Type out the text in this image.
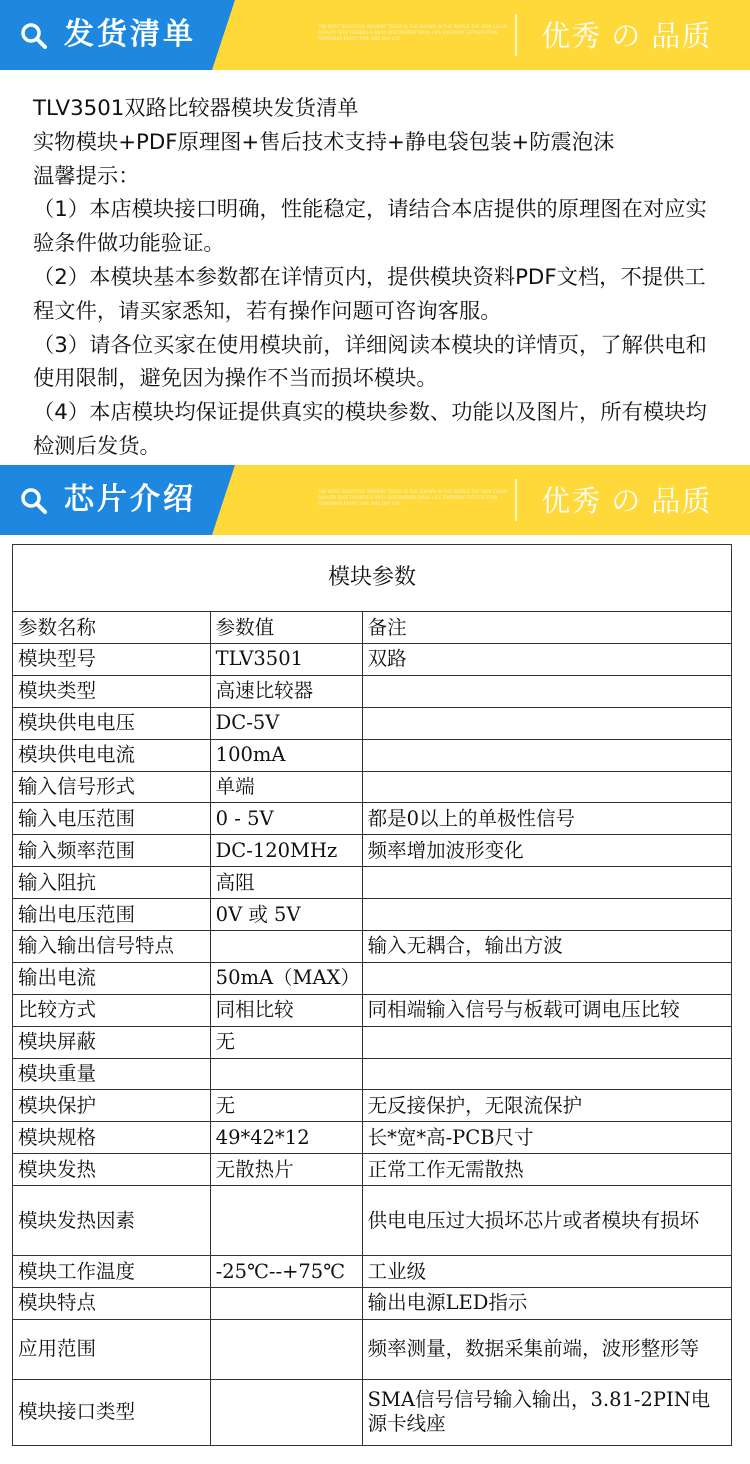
发货清单	THE MOST BEAUTIFUL MOMENT TODAY IS THE SHOWN IN THE WORLD THE SKIN CLEAN QUALITY GIVE FRIENDS A DAILY DISCOVERED SMILE LIFE EVERYDAY SATISFACTION REMEMBER EVERY TIME AND DAY LIFE	优秀 の 品质

TLV3501双路比较器模块发货清单

实物模块+PDF原理图+售后技术支持+静电袋包装+防震泡沫

温馨提示：

（1）本店模块接口明确，性能稳定，请结合本店提供的原理图在对应实验条件做功能验证。

（2）本模块基本参数都在详情页内，提供模块资料PDF文档，不提供工程文件，请买家悉知，若有操作问题可咨询客服。

（3）请各位买家在使用模块前，详细阅读本模块的详情页，了解供电和使用限制，避免因为操作不当而损坏模块。

（4）本店模块均保证提供真实的模块参数、功能以及图片，所有模块均检测后发货。

芯片介绍	THE MOST BEAUTIFUL MOMENT TODAY IS THE SHOWN IN THE WORLD THE SKIN CLEAN QUALITY GIVE FRIENDS A DAILY DISCOVERED SMILE LIFE EVERYDAY SATISFACTION REMEMBER EVERY TIME AND DAY LIFE	优秀 の 品质
模块参数		
参数名称	参数值	备注
模块型号	TLV3501	双路
模块类型	高速比较器	
模块供电电压	DC-5V	
模块供电电流	100mA	
输入信号形式	单端	
输入电压范围	0 - 5V	都是0以上的单极性信号
输入频率范围	DC-120MHz	频率增加波形变化
输入阻抗	高阻	
输出电压范围	0V 或 5V	
输入输出信号特点		输入无耦合，输出方波
输出电流	50mA（MAX）	
比较方式	同相比较	同相端输入信号与板载可调电压比较
模块屏蔽	无	
模块重量		
模块保护	无	无反接保护，无限流保护
模块规格	49*42*12	长*宽*高-PCB尺寸
模块发热	无散热片	正常工作无需散热
模块发热因素		供电电压过大损坏芯片或者模块有损坏
模块工作温度	-25℃--+75℃	工业级
模块特点		输出电源LED指示
应用范围		频率测量，数据采集前端，波形整形等
模块接口类型		SMA信号信号输入输出，3.81-2PIN电源卡线座
